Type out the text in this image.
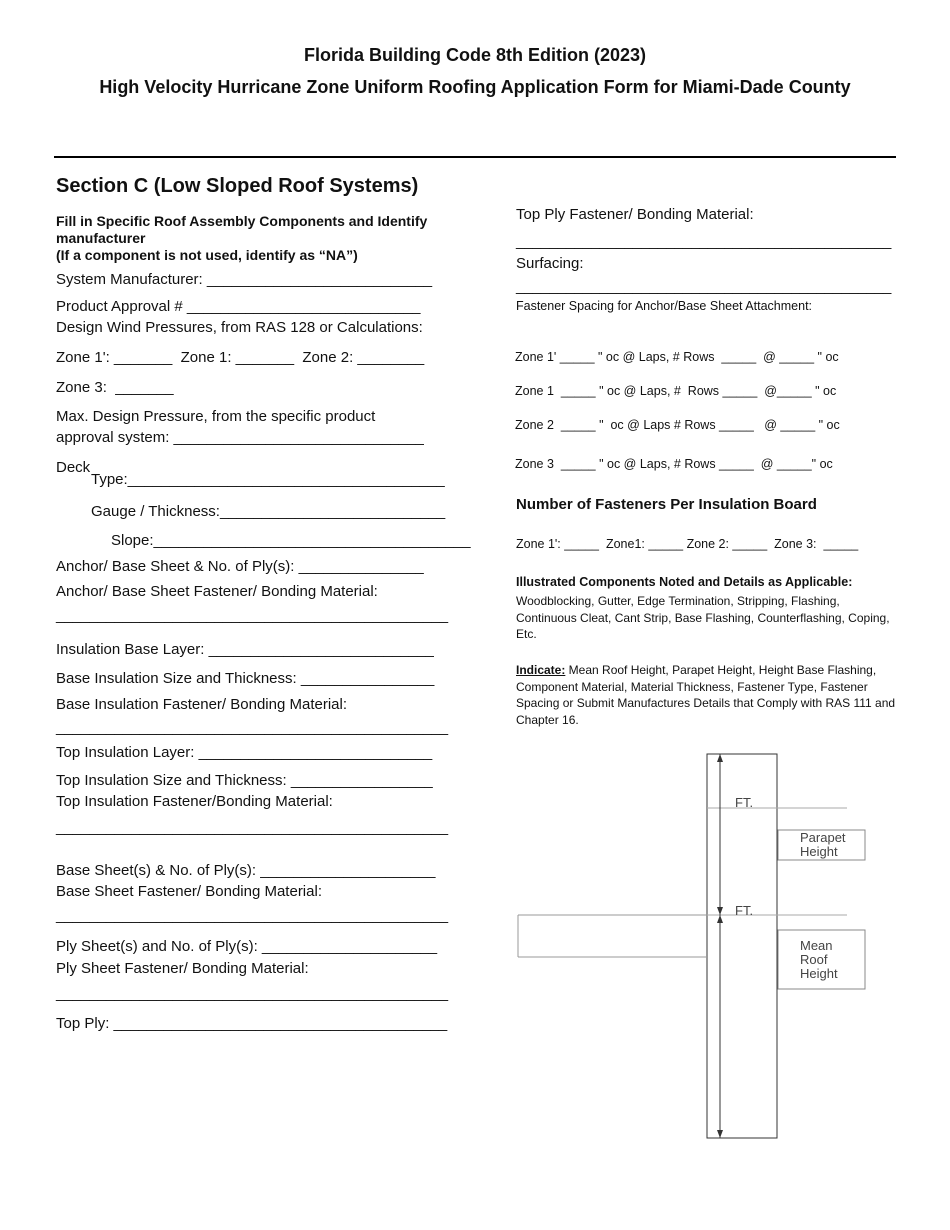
Florida Building Code 8th Edition (2023)
High Velocity Hurricane Zone Uniform Roofing Application Form for Miami-Dade County
Section C (Low Sloped Roof Systems)
Fill in Specific Roof Assembly Components and Identify
manufacturer
(If a component is not used, identify as “NA”)
System Manufacturer: ___________________________
Product Approval # ____________________________
Design Wind Pressures, from RAS 128 or Calculations:
Zone 1': _______  Zone 1: _______  Zone 2: ________
Zone 3:  _______
Max. Design Pressure, from the specific product
approval system: ______________________________
Deck
Type:______________________________________
Gauge / Thickness:___________________________
Slope:______________________________________
Anchor/ Base Sheet & No. of Ply(s): _______________
Anchor/ Base Sheet Fastener/ Bonding Material:
_______________________________________________
Insulation Base Layer: ___________________________
Base Insulation Size and Thickness: ________________
Base Insulation Fastener/ Bonding Material:
_______________________________________________
Top Insulation Layer: ____________________________
Top Insulation Size and Thickness: _________________
Top Insulation Fastener/Bonding Material:
_______________________________________________
Base Sheet(s) & No. of Ply(s): _____________________
Base Sheet Fastener/ Bonding Material:
_______________________________________________
Ply Sheet(s) and No. of Ply(s): _____________________
Ply Sheet Fastener/ Bonding Material:
_______________________________________________
Top Ply: ________________________________________
Top Ply Fastener/ Bonding Material:
_____________________________________________
Surfacing:
_____________________________________________
Fastener Spacing for Anchor/Base Sheet Attachment:
Zone 1' _____ " oc @ Laps, # Rows  _____  @ _____ " oc
Zone 1  _____ " oc @ Laps, #  Rows _____  @_____ " oc
Zone 2  _____ "  oc @ Laps # Rows _____   @ _____ " oc
Zone 3  _____ " oc @ Laps, # Rows _____  @ _____" oc
Number of Fasteners Per Insulation Board
Zone 1': _____  Zone1: _____ Zone 2: _____  Zone 3:  _____
Illustrated Components Noted and Details as Applicable:
Woodblocking, Gutter, Edge Termination, Stripping, Flashing, Continuous Cleat, Cant Strip, Base Flashing, Counterflashing, Coping, Etc.
Indicate: Mean Roof Height, Parapet Height, Height Base Flashing, Component Material, Material Thickness, Fastener Type, Fastener Spacing or Submit Manufactures Details that Comply with RAS 111 and Chapter 16.
FT.
FT.
Parapet
Height
Mean
Roof
Height
